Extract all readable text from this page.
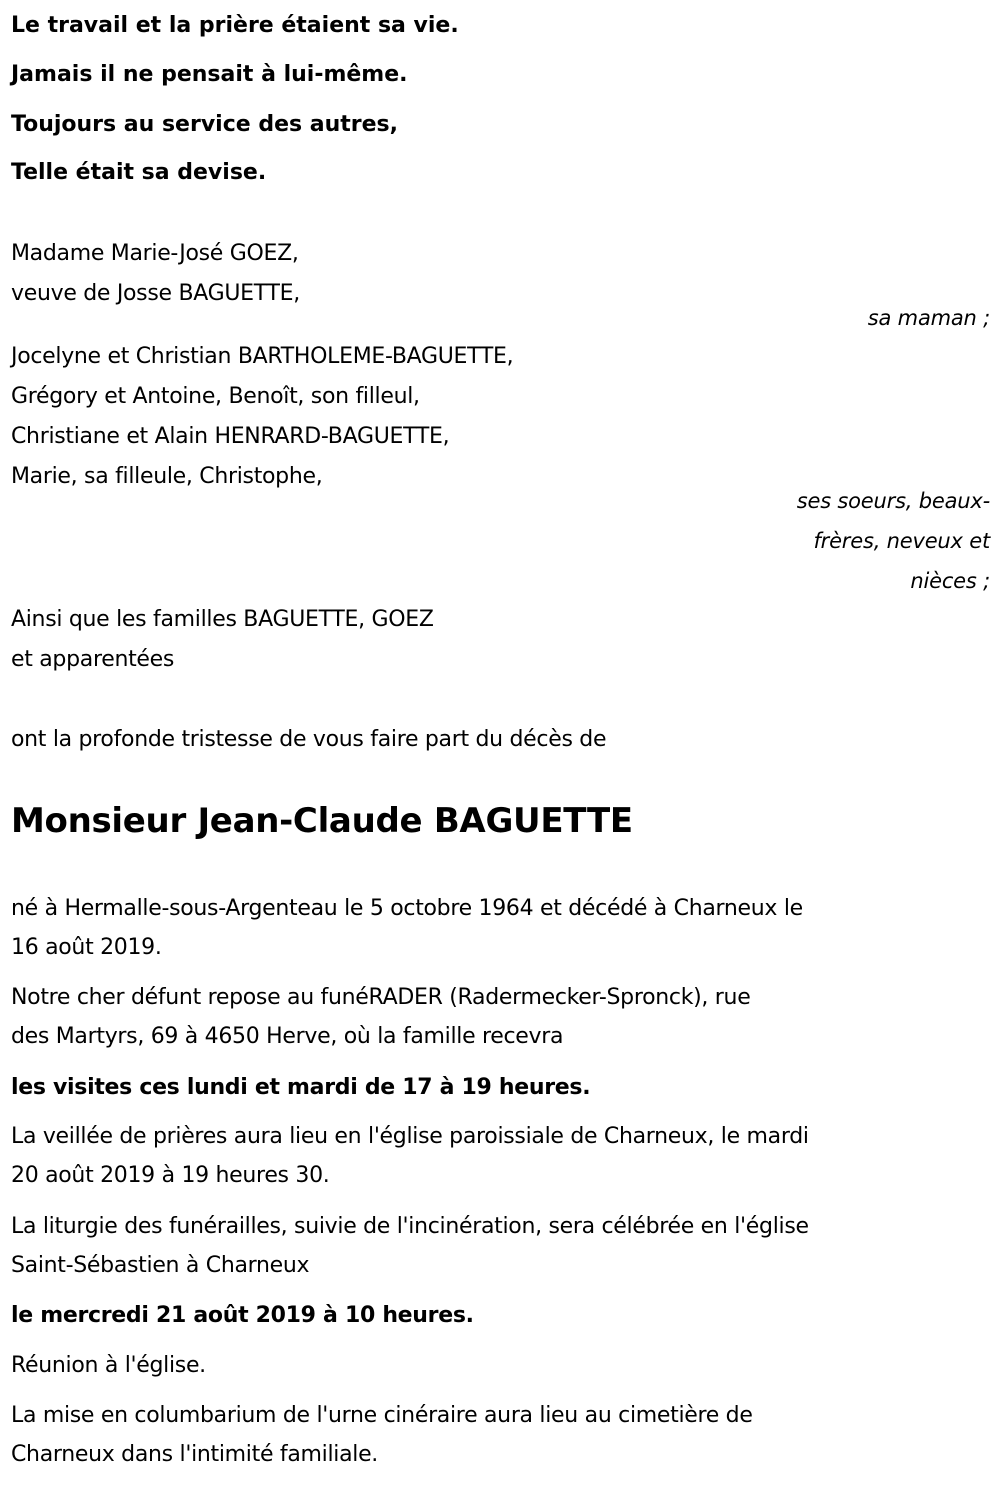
Le travail et la prière étaient sa vie.
Jamais il ne pensait à lui-même.
Toujours au service des autres,
Telle était sa devise.
Madame Marie-José GOEZ,
veuve de Josse BAGUETTE,
sa maman ;
Jocelyne et Christian BARTHOLEME-BAGUETTE,
Grégory et Antoine, Benoît, son filleul,
Christiane et Alain HENRARD-BAGUETTE,
Marie, sa filleule, Christophe,
ses soeurs, beaux-
frères, neveux et
nièces ;
Ainsi que les familles BAGUETTE, GOEZ
et apparentées
ont la profonde tristesse de vous faire part du décès de
Monsieur Jean-Claude BAGUETTE
né à Hermalle-sous-Argenteau le 5 octobre 1964 et décédé à Charneux le
16 août 2019.
Notre cher défunt repose au funéRADER (Radermecker-Spronck), rue
des Martyrs, 69 à 4650 Herve, où la famille recevra
les visites ces lundi et mardi de 17 à 19 heures.
La veillée de prières aura lieu en l'église paroissiale de Charneux, le mardi
20 août 2019 à 19 heures 30.
La liturgie des funérailles, suivie de l'incinération, sera célébrée en l'église
Saint-Sébastien à Charneux
le mercredi 21 août 2019 à 10 heures.
Réunion à l'église.
La mise en columbarium de l'urne cinéraire aura lieu au cimetière de
Charneux dans l'intimité familiale.
